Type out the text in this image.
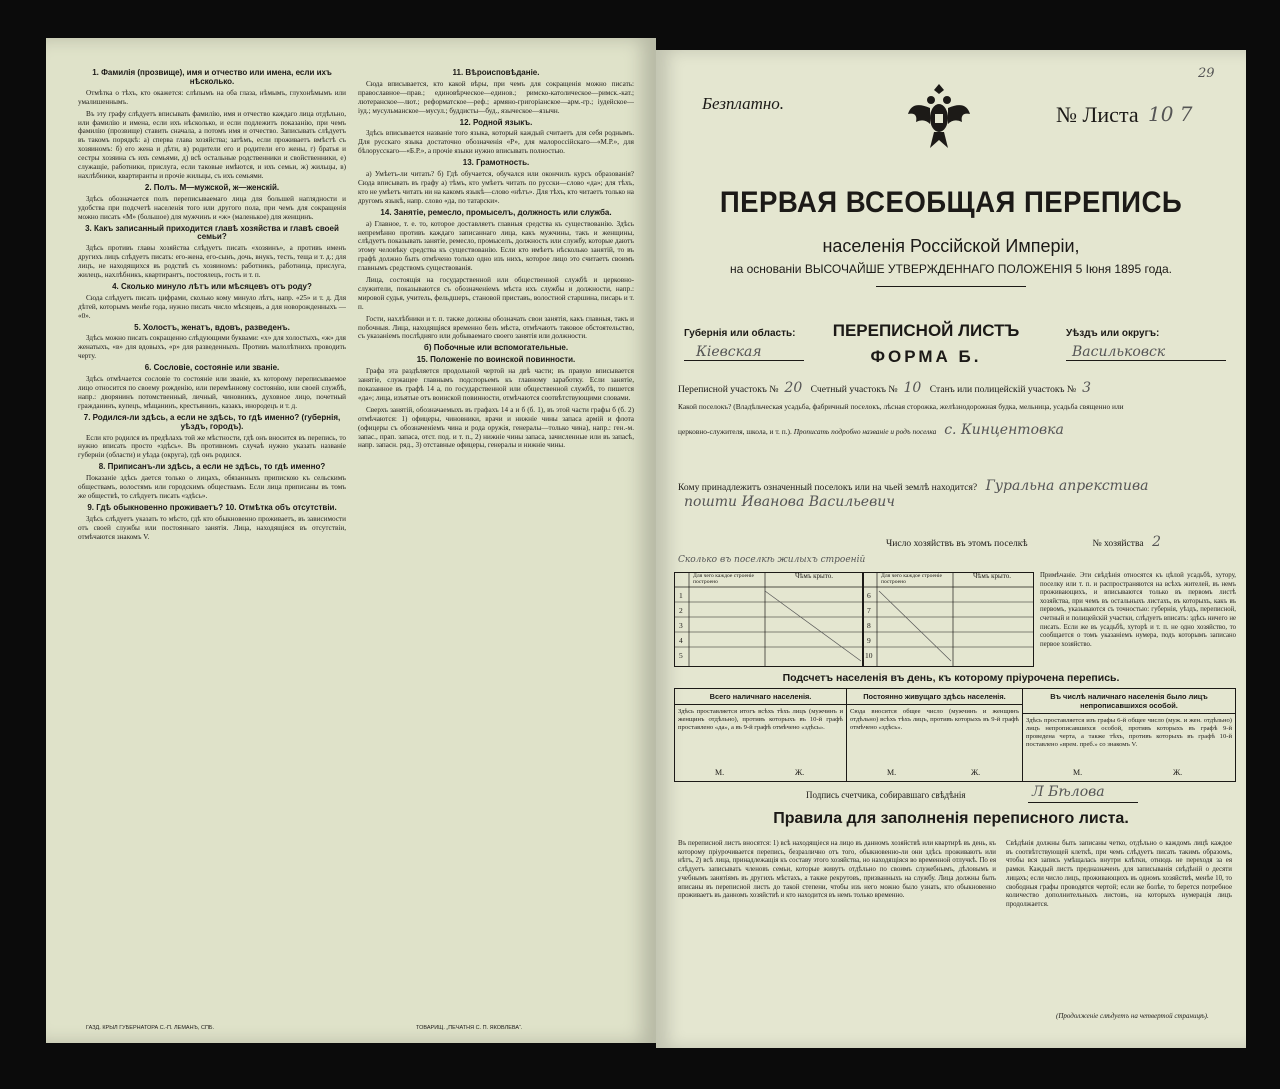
1. Фамилія (прозвище), имя и отчество или имена, если ихъ нѣсколько.
Отмѣтка о тѣхъ, кто окажется: слѣпымъ на оба глаза, нѣмымъ, глухонѣмымъ или умалишеннымъ.
Въ эту графу слѣдуетъ вписывать фамилію, имя и отчество каждаго лица отдѣльно, или фамилію и имена, если ихъ нѣсколько, и если подлежитъ показанію, при чемъ фамилію (прозвище) ставить сначала, а потомъ имя и отчество. Записывать слѣдуетъ въ такомъ порядкѣ: а) сперва глава хозяйства; затѣмъ, если проживаетъ вмѣстѣ съ хозяиномъ: б) его жена и дѣти, в) родители его и родители его жены, г) братья и сестры хозяина съ ихъ семьями, д) всѣ остальные родственники и свойственники, е) служащіе, работники, прислуга, если таковые имѣются, и ихъ семьи, ж) жильцы, в) нахлѣбники, квартиранты и прочіе жильцы, съ ихъ семьями.
2. Полъ. М—мужской, ж—женскій.
Здѣсь обозначается полъ переписываемаго лица для большей наглядности и удобства при подсчетѣ населенія того или другого пола, при чемъ для сокращенія можно писать «М» (большое) для мужчинъ и «ж» (маленькое) для женщинъ.
3. Какъ записанный приходится главѣ хозяйства и главѣ своей семьи?
Здѣсь противъ главы хозяйства слѣдуетъ писать «хозяинъ», а противъ именъ другихъ лицъ слѣдуетъ писать: его-жена, его-сынъ, дочь, внукъ, тесть, теща и т. д.; для лицъ, не находящихся въ родствѣ съ хозяиномъ: работникъ, работница, прислуга, жилецъ, нахлѣбникъ, квартирантъ, постоялецъ, гость и т. п.
4. Сколько минуло лѣтъ или мѣсяцевъ отъ роду?
Сюда слѣдуетъ писать цифрами, сколько кому минуло лѣтъ, напр. «25» и т. д. Для дѣтей, которымъ менѣе года, нужно писать число мѣсяцевъ, а для новорожденныхъ — «0».
5. Холостъ, женатъ, вдовъ, разведенъ.
Здѣсь можно писать сокращенно слѣдующими буквами: «х» для холостыхъ, «ж» для женатыхъ, «в» для вдовыхъ, «р» для разведенныхъ. Противъ малолѣтнихъ проводить черту.
6. Сословіе, состояніе или званіе.
Здѣсь отмѣчается сословіе то состояніе или званіе, къ которому переписываемое лицо относится по своему рожденію, или перемѣнному состоянію, или своей службѣ, напр.: дворянинъ потомственный, личный, чиновникъ, духовное лицо, почетный гражданинъ, купецъ, мѣщанинъ, крестьянинъ, казакъ, инородецъ и т. д.
7. Родился-ли здѣсь, а если не здѣсь, то гдѣ именно? (губернія, уѣздъ, городъ).
Если кто родился въ предѣлахъ той же мѣстности, гдѣ онъ вносится въ перепись, то нужно вписать просто «здѣсь». Въ противномъ случаѣ нужно указать названіе губерніи (области) и уѣзда (округа), гдѣ онъ родился.
8. Приписанъ-ли здѣсь, а если не здѣсь, то гдѣ именно?
Показаніе здѣсь дается только о лицахъ, обязанныхъ припискою къ сельскимъ обществамъ, волостямъ или городскимъ обществамъ. Если лица приписаны въ томъ же обществѣ, то слѣдуетъ писать «здѣсь».
9. Гдѣ обыкновенно проживаетъ? 10. Отмѣтка объ отсутствіи.
Здѣсь слѣдуетъ указать то мѣсто, гдѣ кто обыкновенно проживаетъ, въ зависимости отъ своей службы или постояннаго занятія. Лица, находящіяся въ отсутствіи, отмѣчаются знакомъ V.
11. Вѣроисповѣданіе.
Сюда вписывается, кто какой вѣры, при чемъ для сокращенія можно писать: православное—прав.; единовѣрческое—единов.; римско-католическое—римск.-кат.; лютеранское—лют.; реформатское—реф.; армяно-григоріанское—арм.-гр.; іудейское—іуд.; мусульманское—мусул.; буддисты—буд., языческое—язычн.
12. Родной языкъ.
Здѣсь вписывается названіе того языка, который каждый считаетъ для себя роднымъ. Для русскаго языка достаточно обозначенія «Р», для малороссійскаго—«М.Р.», для бѣлорусскаго—«Б.Р.», а прочіе языки нужно вписывать полностью.
13. Грамотность.
а) Умѣетъ-ли читать? б) Гдѣ обучается, обучался или окончилъ курсъ образованія? Сюда вписывать въ графу а) тѣмъ, кто умѣетъ читать по русски—слово «да»; для тѣхъ, кто не умѣетъ читать ни на какомъ языкѣ—слово «нѣтъ». Для тѣхъ, кто читаетъ только на другомъ языкѣ, напр. слово «да, по татарски».
14. Занятіе, ремесло, промыселъ, должность или служба.
а) Главное, т. е. то, которое доставляетъ главныя средства къ существованію. Здѣсь непремѣнно противъ каждаго записаннаго лица, какъ мужчины, такъ и женщины, слѣдуетъ показывать занятіе, ремесло, промыселъ, должность или службу, которые даютъ этому человѣку средства къ существованію. Если кто имѣетъ нѣсколько занятій, то въ графѣ должно быть отмѣчено только одно изъ нихъ, которое лицо это считаетъ своимъ главнымъ средствомъ существованія.
Лица, состоящія на государственной или общественной службѣ и церковно-служители, показываются съ обозначеніемъ мѣста ихъ службы и должности, напр.: мировой судья, учитель, фельдшеръ, становой приставъ, волостной старшина, писарь и т. п.
Гости, нахлѣбники и т. п. также должны обозначать свои занятія, какъ главныя, такъ и побочныя. Лица, находящіяся временно безъ мѣста, отмѣчаютъ таковое обстоятельство, съ указаніемъ послѣдняго или добываемаго своего занятія или должности.
б) Побочные или вспомогательные.
15. Положеніе по воинской повинности.
Графа эта раздѣляется продольной чертой на двѣ части; въ правую вписывается занятіе, служащее главнымъ подспорьемъ къ главному заработку. Если занятіе, показанное въ графѣ 14 а, по государственной или общественной службѣ, то пишется «да»; лица, изъятые отъ воинской повинности, отмѣчаются соотвѣтствующими словами.
Сверхъ занятій, обозначаемыхъ въ графахъ 14 а и б (б. 1), въ этой части графы б (б. 2) отмѣчаются: 1) офицеры, чиновники, врачи и нижніе чины запаса армій и флота (офицеры съ обозначеніемъ чина и рода оружія, генералы—только чина), напр.: ген.-м. запас., прап. запаса, отст. под. и т. п., 2) нижніе чины запаса, зачисленные или въ запасѣ, напр. запасн. ряд., 3) отставные офицеры, генералы и нижніе чины.
ГАЗД. КРЫЛ ГУБЕРНАТОРА С.-П. ЛЕМАНЪ, СПБ.	ТОВАРИЩ. „ПЕЧАТНЯ С. П. ЯКОВЛЕВА“.
29
Безплатно.	№ Листа 10 7
ПЕРВАЯ ВСЕОБЩАЯ ПЕРЕПИСЬ
населенія Россійской Имперіи,
на основаніи ВЫСОЧАЙШЕ УТВЕРЖДЕННАГО ПОЛОЖЕНІЯ 5 Іюня 1895 года.
ПЕРЕПИСНОЙ ЛИСТЪ
ФОРМА Б.
Губернія или область:
Кіевская
Уѣздъ или округъ:
Васильковск
Переписной участокъ № 20 Счетный участокъ № 10 Станъ или полицейскій участокъ № 3
Какой поселокъ? (Владѣльческая усадьба, фабричный поселокъ, лѣсная сторожка, желѣзнодорожная будка, мельница, усадьба священно или
церковно-служителя, школа, и т. п.). Прописать подробно названіе и родъ поселка с. Кинцентовка
Кому принадлежитъ означенный поселокъ или на чьей землѣ находится? Гуральна апрекстива
пошти Иванова Васильевич
Число хозяйствъ въ этомъ поселкѣ	№ хозяйства 2
Сколько въ поселкѣ жилыхъ строеній
Для чего каждое строеніе построено
Чѣмъ крыто.
1
2
3
4
5
Для чего каждое строеніе построено
Чѣмъ крыто.
6
7
8
9
10
Примѣчаніе. Эти свѣдѣнія относятся къ цѣлой усадьбѣ, хутору, поселку или т. п. и распространяются на всѣхъ жителей, въ немъ проживающихъ, и вписываются только въ первомъ листѣ хозяйства, при чемъ въ остальныхъ листахъ, въ которыхъ, какъ въ первомъ, указываются съ точностью: губернія, уѣздъ, переписной, счетный и полицейскій участки, слѣдуетъ вписать: здѣсь ничего не писать. Если же въ усадьбѣ, хуторѣ и т. п. не одно хозяйство, то сообщается о томъ указаніемъ нумера, подъ которымъ записано первое хозяйство.
Подсчетъ населенія въ день, къ которому пріурочена перепись.
Всего наличнаго населенія.
Здѣсь проставляется итогъ всѣхъ тѣхъ лицъ (мужчинъ и женщинъ отдѣльно), противъ которыхъ въ 10-й графѣ проставлено «да», а въ 9-й графѣ отмѣчено «здѣсь».
М.	Ж.
Постоянно живущаго здѣсь населенія.
Сюда вносится общее число (мужчинъ и женщинъ отдѣльно) всѣхъ тѣхъ лицъ, противъ которыхъ въ 9-й графѣ отмѣчено «здѣсь».
М.	Ж.
Въ числѣ наличнаго населенія было лицъ непрописавшихся особой.
Здѣсь проставляется изъ графы 6-й общее число (муж. и жен. отдѣльно) лицъ непрописавшихся особой, противъ которыхъ въ графѣ 9-й проведена черта, а также тѣхъ, противъ которыхъ въ графѣ 10-й поставлено «врем. преб.» со знакомъ V.
М.	Ж.
Подпись счетчика, собиравшаго свѣдѣнія	Л Бѣлова
Правила для заполненія переписного листа.
Въ переписной листъ вносятся: 1) всѣ находящіеся на лицо въ данномъ хозяйствѣ или квартирѣ въ день, къ которому пріурочивается перепись, безразлично отъ того, обыкновенно-ли они здѣсь проживаютъ или нѣтъ, 2) всѣ лица, принадлежащія къ составу этого хозяйства, но находящіяся во временной отлучкѣ. По ея слѣдуетъ записывать членовъ семьи, которые живутъ отдѣльно по своимъ служебнымъ, дѣловымъ и учебнымъ занятіямъ въ другихъ мѣстахъ, а также рекрутовъ, призванныхъ на службу. Лица должны быть вписаны въ переписной листъ до такой степени, чтобы изъ него можно было узнать, кто обыкновенно проживаетъ въ данномъ хозяйствѣ и кто находится въ немъ только временно.
Свѣдѣнія должны быть записаны четко, отдѣльно о каждомъ лицѣ каждое въ соотвѣтствующей клеткѣ, при чемъ слѣдуетъ писать такимъ образомъ, чтобы вся запись умѣщалась внутри клѣтки, отнюдь не переходя за ея рамки. Каждый листъ предназначенъ для записыванія свѣдѣній о десяти лицахъ; если число лицъ, проживающихъ въ одномъ хозяйствѣ, менѣе 10, то свободныя графы проводятся чертой; если же болѣе, то берется потребное количество дополнительныхъ листовъ, на которыхъ нумерація лицъ продолжается.
(Продолженіе слѣдуетъ на четвертой страницѣ).
